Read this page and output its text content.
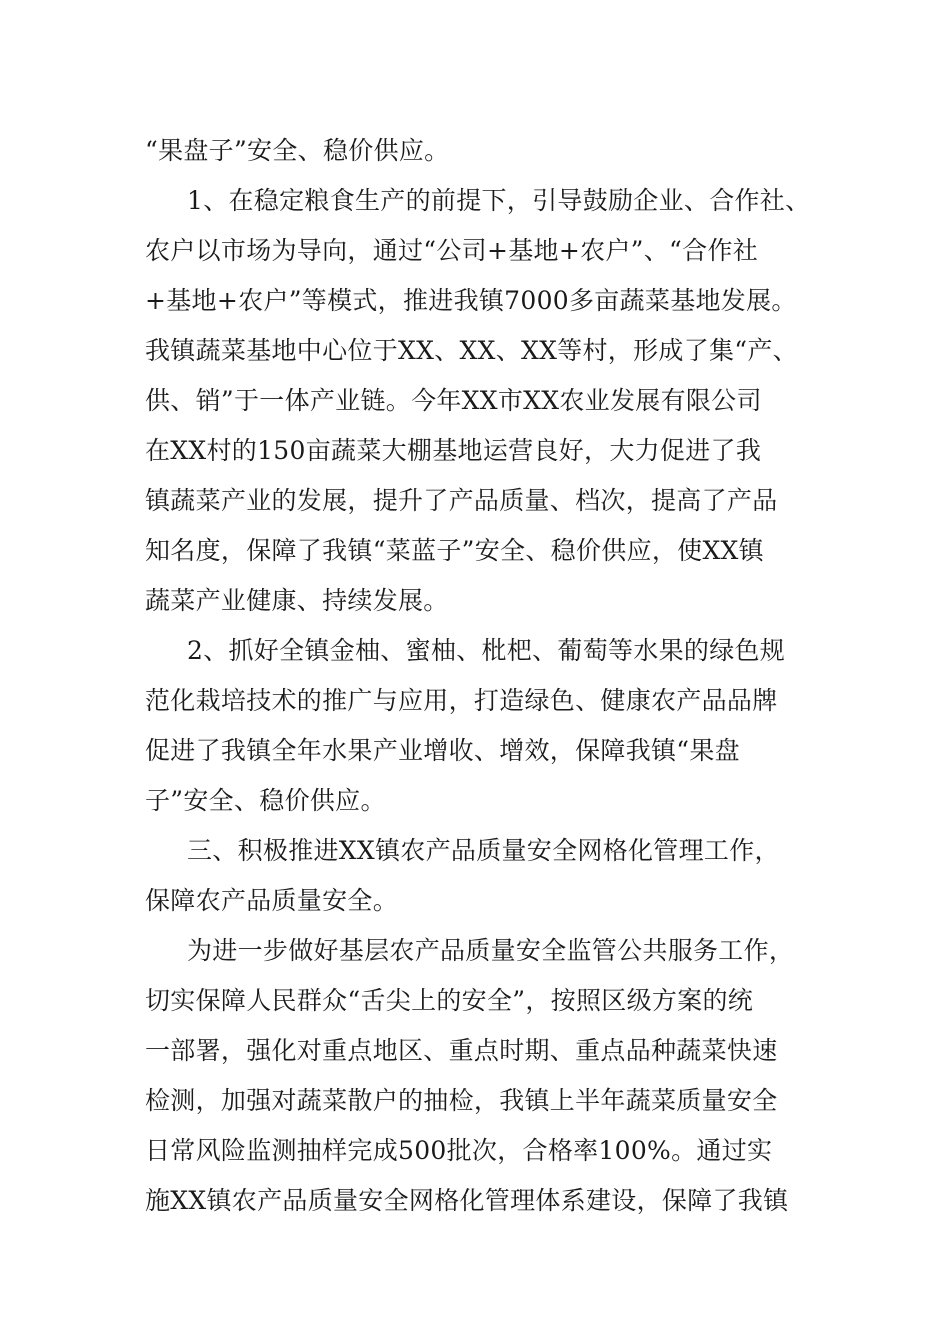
“果盘子”安全、稳价供应。
1、在稳定粮食生产的前提下，引导鼓励企业、合作社、
农户以市场为导向，通过“公司+基地+农户”、“合作社
+基地+农户”等模式，推进我镇7000多亩蔬菜基地发展。
我镇蔬菜基地中心位于XX、XX、XX等村，形成了集“产、
供、销”于一体产业链。今年XX市XX农业发展有限公司
在XX村的150亩蔬菜大棚基地运营良好，大力促进了我
镇蔬菜产业的发展，提升了产品质量、档次，提高了产品
知名度，保障了我镇“菜蓝子”安全、稳价供应，使XX镇
蔬菜产业健康、持续发展。
2、抓好全镇金柚、蜜柚、枇杷、葡萄等水果的绿色规
范化栽培技术的推广与应用，打造绿色、健康农产品品牌
促进了我镇全年水果产业增收、增效，保障我镇“果盘
子”安全、稳价供应。
三、积极推进XX镇农产品质量安全网格化管理工作，
保障农产品质量安全。
为进一步做好基层农产品质量安全监管公共服务工作，
切实保障人民群众“舌尖上的安全”，按照区级方案的统
一部署，强化对重点地区、重点时期、重点品种蔬菜快速
检测，加强对蔬菜散户的抽检，我镇上半年蔬菜质量安全
日常风险监测抽样完成500批次，合格率100%。通过实
施XX镇农产品质量安全网格化管理体系建设，保障了我镇
